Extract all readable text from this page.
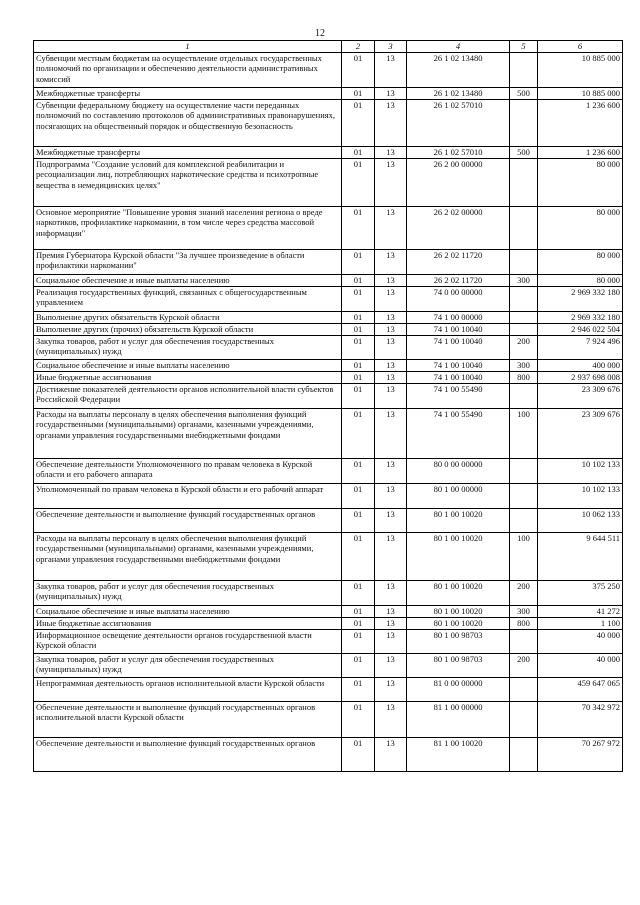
12
1	2	3	4	5	6
Субвенции местным бюджетам на осуществление отдельных государственных полномочий по организации и обеспечению деятельности административных комиссий	01	13	26 1 02 13480		10 885 000
Межбюджетные трансферты	01	13	26 1 02 13480	500	10 885 000
Субвенции федеральному бюджету на осуществление части переданных полномочий по составлению протоколов об административных правонарушениях, посягающих на общественный порядок и общественную безопасность	01	13	26 1 02 57010		1 236 600
Межбюджетные трансферты	01	13	26 1 02 57010	500	1 236 600
Подпрограмма "Создание условий для комплексной реабилитации и ресоциализации лиц, потребляющих наркотические средства и психотропные вещества в немедицинских целях"	01	13	26 2 00 00000		80 000
Основное мероприятие "Повышение уровня знаний населения региона о вреде наркотиков, профилактике наркомании, в том числе через средства массовой информации"	01	13	26 2 02 00000		80 000
Премия Губернатора Курской области "За лучшее произведение в области профилактики наркомании"	01	13	26 2 02 11720		80 000
Социальное обеспечение и иные выплаты населению	01	13	26 2 02 11720	300	80 000
Реализация государственных функций, связанных с общегосударственным управлением	01	13	74 0 00 00000		2 969 332 180
Выполнение других обязательств Курской области	01	13	74 1 00 00000		2 969 332 180
Выполнение других (прочих) обязательств Курской области	01	13	74 1 00 10040		2 946 022 504
Закупка товаров, работ и услуг для обеспечения государственных (муниципальных) нужд	01	13	74 1 00 10040	200	7 924 496
Социальное обеспечение и иные выплаты населению	01	13	74 1 00 10040	300	400 000
Иные бюджетные ассигнования	01	13	74 1 00 10040	800	2 937 698 008
Достижение показателей деятельности органов исполнительной власти субъектов Российской Федерации	01	13	74 1 00 55490		23 309 676
Расходы на выплаты персоналу в целях обеспечения выполнения функций государственными (муниципальными) органами, казенными учреждениями, органами управления государственными внебюджетными фондами	01	13	74 1 00 55490	100	23 309 676
Обеспечение деятельности Уполномоченного по правам человека в Курской области и его рабочего аппарата	01	13	80 0 00 00000		10 102 133
Уполномоченный по правам человека в Курской области и его рабочий аппарат	01	13	80 1 00 00000		10 102 133
Обеспечение деятельности и выполнение функций государственных органов	01	13	80 1 00 10020		10 062 133
Расходы на выплаты персоналу в целях обеспечения выполнения функций государственными (муниципальными) органами, казенными учреждениями, органами управления государственными внебюджетными фондами	01	13	80 1 00 10020	100	9 644 511
Закупка товаров, работ и услуг для обеспечения государственных (муниципальных) нужд	01	13	80 1 00 10020	200	375 250
Социальное обеспечение и иные выплаты населению	01	13	80 1 00 10020	300	41 272
Иные бюджетные ассигнования	01	13	80 1 00 10020	800	1 100
Информационное освещение деятельности органов государственной власти Курской области	01	13	80 1 00 98703		40 000
Закупка товаров, работ и услуг для обеспечения государственных (муниципальных) нужд	01	13	80 1 00 98703	200	40 000
Непрограммная деятельность органов исполнительной власти Курской области	01	13	81 0 00 00000		459 647 065
Обеспечение деятельности и выполнение функций государственных органов исполнительной власти Курской области	01	13	81 1 00 00000		70 342 972
Обеспечение деятельности и выполнение функций государственных органов	01	13	81 1 00 10020		70 267 972
